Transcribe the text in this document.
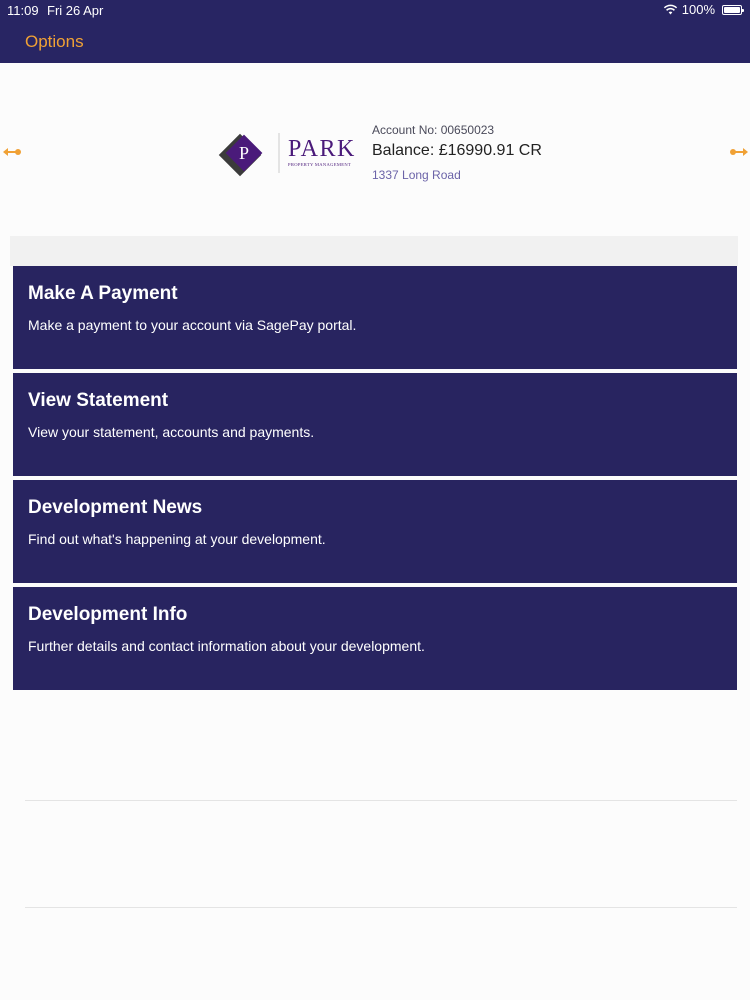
11:09 Fri 26 Apr	100%
Options
P PARK
PROPERTY MANAGEMENT
Account No: 00650023
Balance: £16990.91 CR
1337 Long Road
Make A Payment
Make a payment to your account via SagePay portal.
View Statement
View your statement, accounts and payments.
Development News
Find out what's happening at your development.
Development Info
Further details and contact information about your development.
